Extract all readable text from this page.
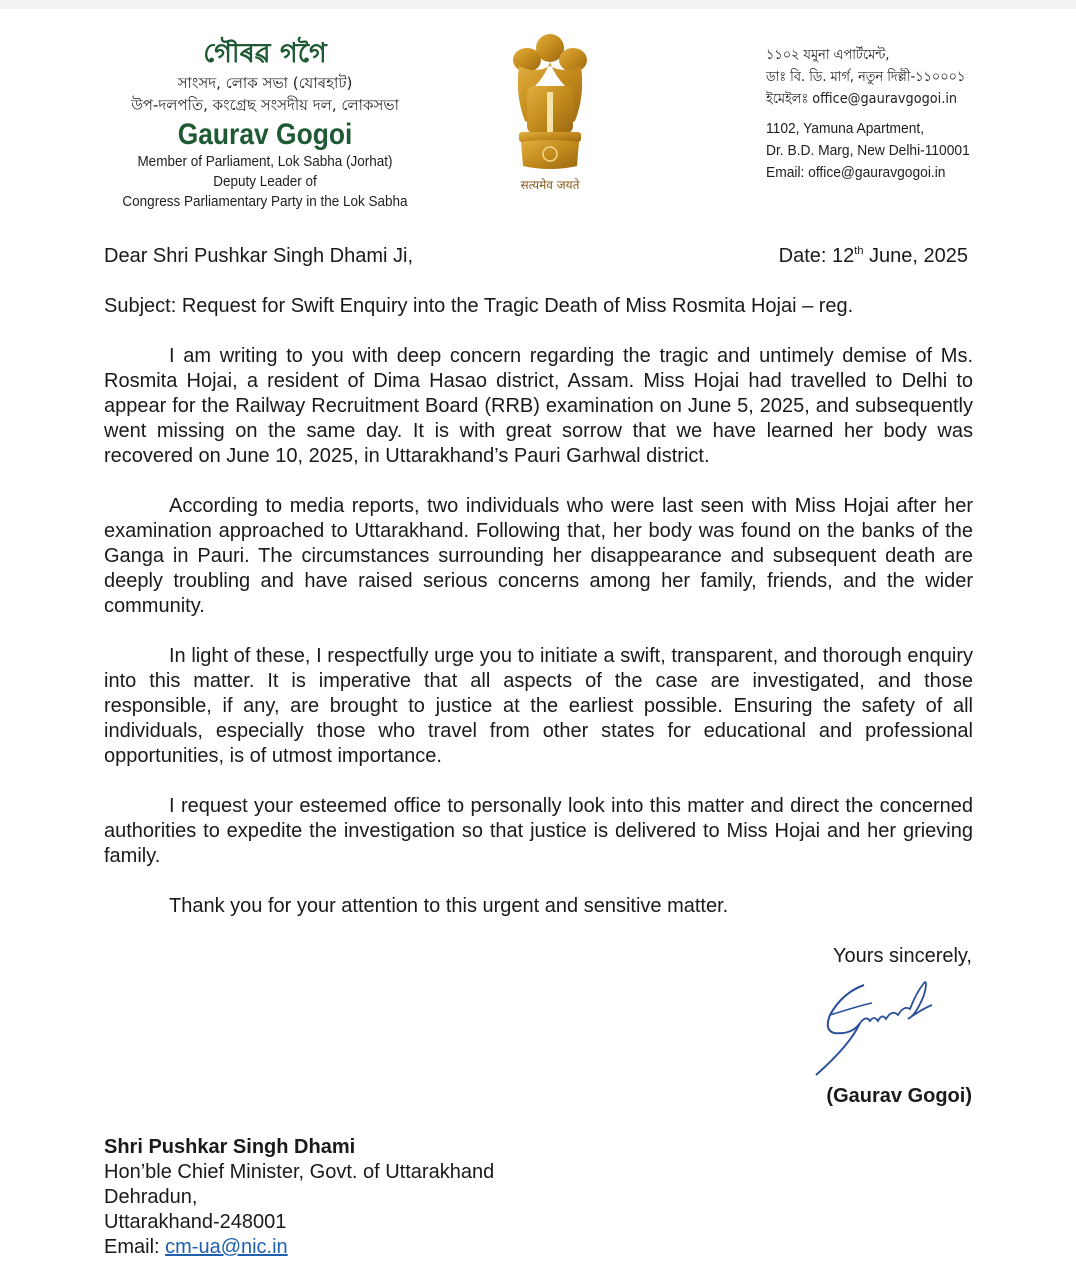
গৌৰৱ গগৈ
সাংসদ, লোক সভা (যোৰহাট)
উপ-দলপতি, কংগ্ৰেছ সংসদীয় দল, লোকসভা
Gaurav Gogoi
Member of Parliament, Lok Sabha (Jorhat)
Deputy Leader of
Congress Parliamentary Party in the Lok Sabha
सत्यमेव जयते
১১০২ যমুনা এপাৰ্টমেন্ট,
ডাঃ বি. ডি. মাৰ্গ, নতুন দিল্লী-১১০০০১
ইমেইলঃ office@gauravgogoi.in
1102, Yamuna Apartment,
Dr. B.D. Marg, New Delhi-110001
Email: office@gauravgogoi.in
Dear Shri Pushkar Singh Dhami Ji,	Date: 12th June, 2025
Subject: Request for Swift Enquiry into the Tragic Death of Miss Rosmita Hojai – reg.
I am writing to you with deep concern regarding the tragic and untimely demise of Ms. Rosmita Hojai, a resident of Dima Hasao district, Assam. Miss Hojai had travelled to Delhi to appear for the Railway Recruitment Board (RRB) examination on June 5, 2025, and subsequently went missing on the same day. It is with great sorrow that we have learned her body was recovered on June 10, 2025, in Uttarakhand’s Pauri Garhwal district.
According to media reports, two individuals who were last seen with Miss Hojai after her examination approached to Uttarakhand. Following that, her body was found on the banks of the Ganga in Pauri. The circumstances surrounding her disappearance and subsequent death are deeply troubling and have raised serious concerns among her family, friends, and the wider community.
In light of these, I respectfully urge you to initiate a swift, transparent, and thorough enquiry into this matter. It is imperative that all aspects of the case are investigated, and those responsible, if any, are brought to justice at the earliest possible. Ensuring the safety of all individuals, especially those who travel from other states for educational and professional opportunities, is of utmost importance.
I request your esteemed office to personally look into this matter and direct the concerned authorities to expedite the investigation so that justice is delivered to Miss Hojai and her grieving family.
Thank you for your attention to this urgent and sensitive matter.
Yours sincerely,
(Gaurav Gogoi)
Shri Pushkar Singh Dhami
Hon’ble Chief Minister, Govt. of Uttarakhand
Dehradun,
Uttarakhand-248001
Email: cm-ua@nic.in
